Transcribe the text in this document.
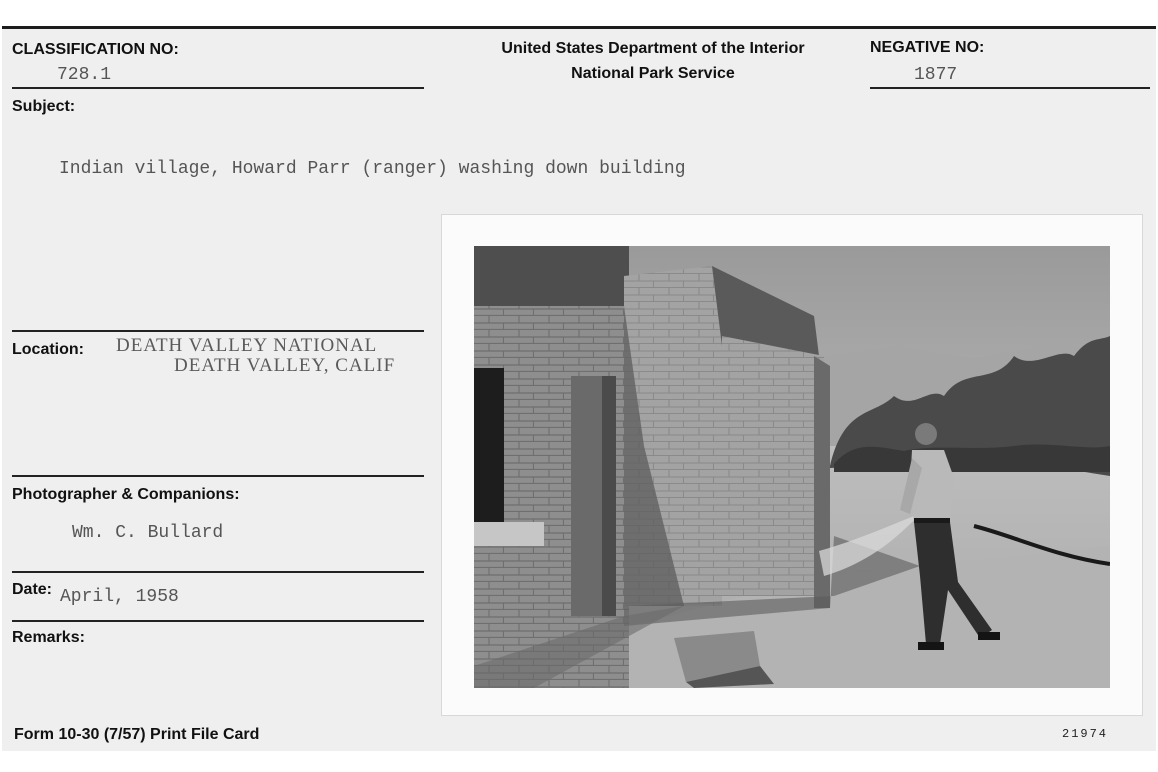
CLASSIFICATION NO:
728.1
United States Department of the Interior
National Park Service
NEGATIVE NO:
1877
Subject:
Indian village, Howard Parr (ranger) washing down building
Location: DEATH VALLEY NATIONAL
DEATH VALLEY, CALIF
Photographer & Companions:
Wm. C. Bullard
Date: April, 1958
Remarks:
Form 10-30 (7/57) Print File Card	21974
